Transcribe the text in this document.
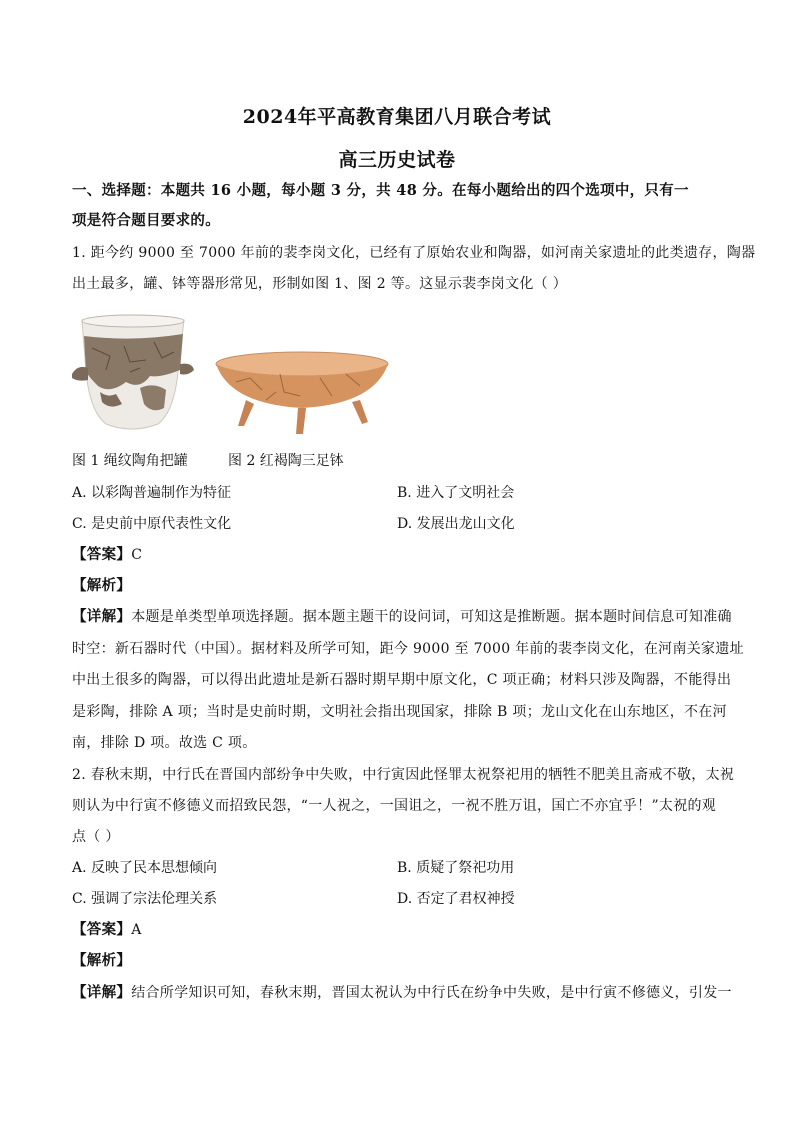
2024年平高教育集团八月联合考试
高三历史试卷
一、选择题：本题共 16 小题，每小题 3 分，共 48 分。在每小题给出的四个选项中，只有一
项是符合题目要求的。
1. 距今约 9000 至 7000 年前的裴李岗文化，已经有了原始农业和陶器，如河南关家遗址的此类遗存，陶器
出土最多，罐、钵等器形常见，形制如图 1、图 2 等。这显示裴李岗文化（ ）
图 1 绳纹陶角把罐	图 2 红褐陶三足钵
A. 以彩陶普遍制作为特征	B. 进入了文明社会
C. 是史前中原代表性文化	D. 发展出龙山文化
【答案】C
【解析】
【详解】本题是单类型单项选择题。据本题主题干的设问词，可知这是推断题。据本题时间信息可知准确
时空：新石器时代（中国）。据材料及所学可知，距今 9000 至 7000 年前的裴李岗文化，在河南关家遗址
中出土很多的陶器，可以得出此遗址是新石器时期早期中原文化，C 项正确；材料只涉及陶器，不能得出
是彩陶，排除 A 项；当时是史前时期，文明社会指出现国家，排除 B 项；龙山文化在山东地区，不在河
南，排除 D 项。故选 C 项。
2. 春秋末期，中行氏在晋国内部纷争中失败，中行寅因此怪罪太祝祭祀用的牺牲不肥美且斋戒不敬，太祝
则认为中行寅不修德义而招致民怨，“一人祝之，一国诅之，一祝不胜万诅，国亡不亦宜乎！”太祝的观
点（ ）
A. 反映了民本思想倾向	B. 质疑了祭祀功用
C. 强调了宗法伦理关系	D. 否定了君权神授
【答案】A
【解析】
【详解】结合所学知识可知，春秋末期，晋国太祝认为中行氏在纷争中失败，是中行寅不修德义，引发一
